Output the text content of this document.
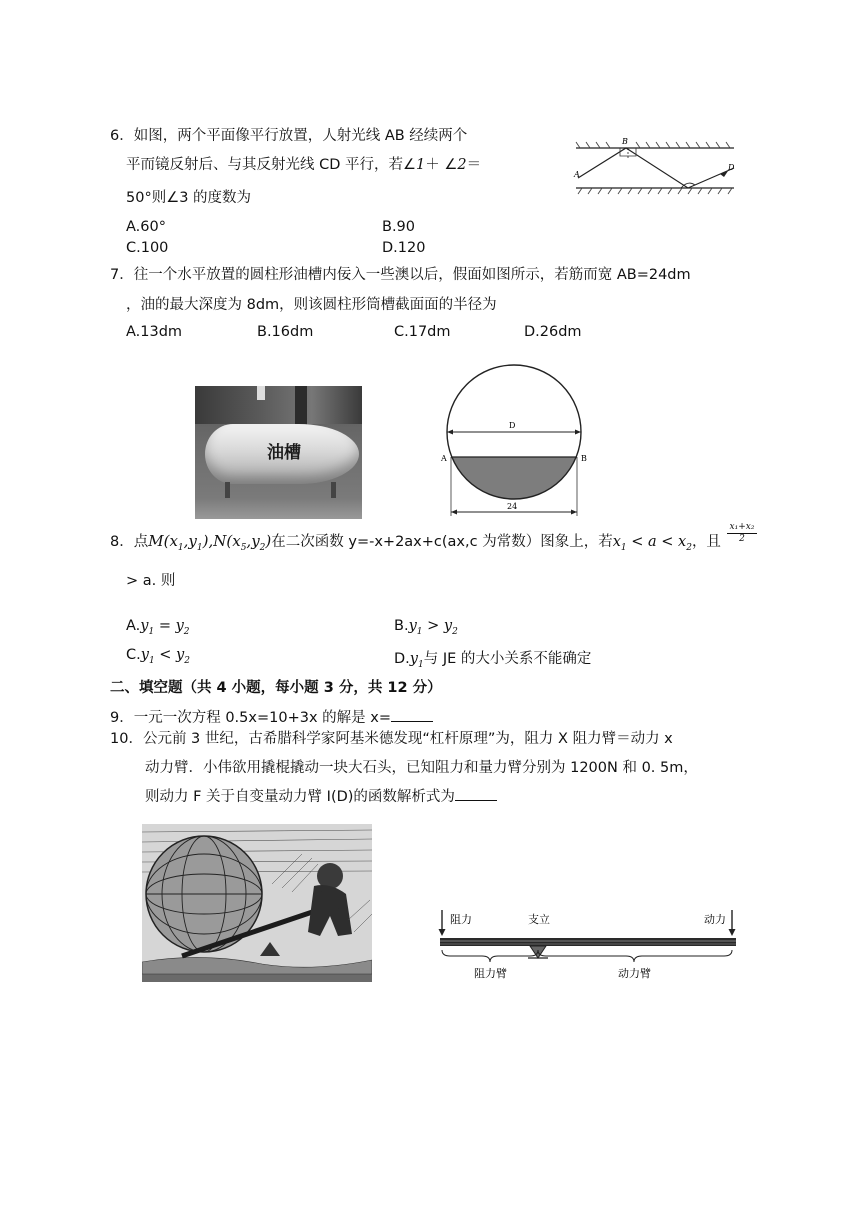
6．如图，两个平面像平行放置，人射光线 AB 经续两个
平而镜反射后、与其反射光线 CD 平行，若∠1＋ ∠2＝
50°则∠3 的度数为
A.60°	B.90
C.100	D.120
A
B
D
7．往一个水平放置的圆柱形油槽内佞入一些澳以后，假面如图所示，若筋而宽 AB=24dm
，油的最大深度为 8dm，则该圆柱形筒槽截面面的半径为
A.13dm	B.16dm	C.17dm	D.26dm
油槽
D
A	B
24
8．点$M(x_1,y_1),N(x_5,y_2)$在二次函数 y=-x+2ax+c(ax,c 为常数）图象上，若$x_1 < a < x_2$，且
x₁+x₂
2
> a. 则
$A.y_1 = y_2$	$B.y_1 > y_2$
$C.y_1 < y_2$	$D.y_1$与 JE 的大小关系不能确定
二、填空题（共 4 小题，每小题 3 分，共 12 分）
9．一元一次方程 0.5x=10+3x 的解是 x=
10．公元前 3 世纪，古希腊科学家阿基米德发现“杠杆原理”为，阻力 X 阻力臂＝动力 x
动力臂．小伟欲用撬棍撬动一块大石头，已知阻力和量力臂分别为 1200N 和 0. 5m，
则动力 F 关于自变量动力臂 I(D)的函数解析式为
阻力	支立	动力
阻力臂	动力臂
